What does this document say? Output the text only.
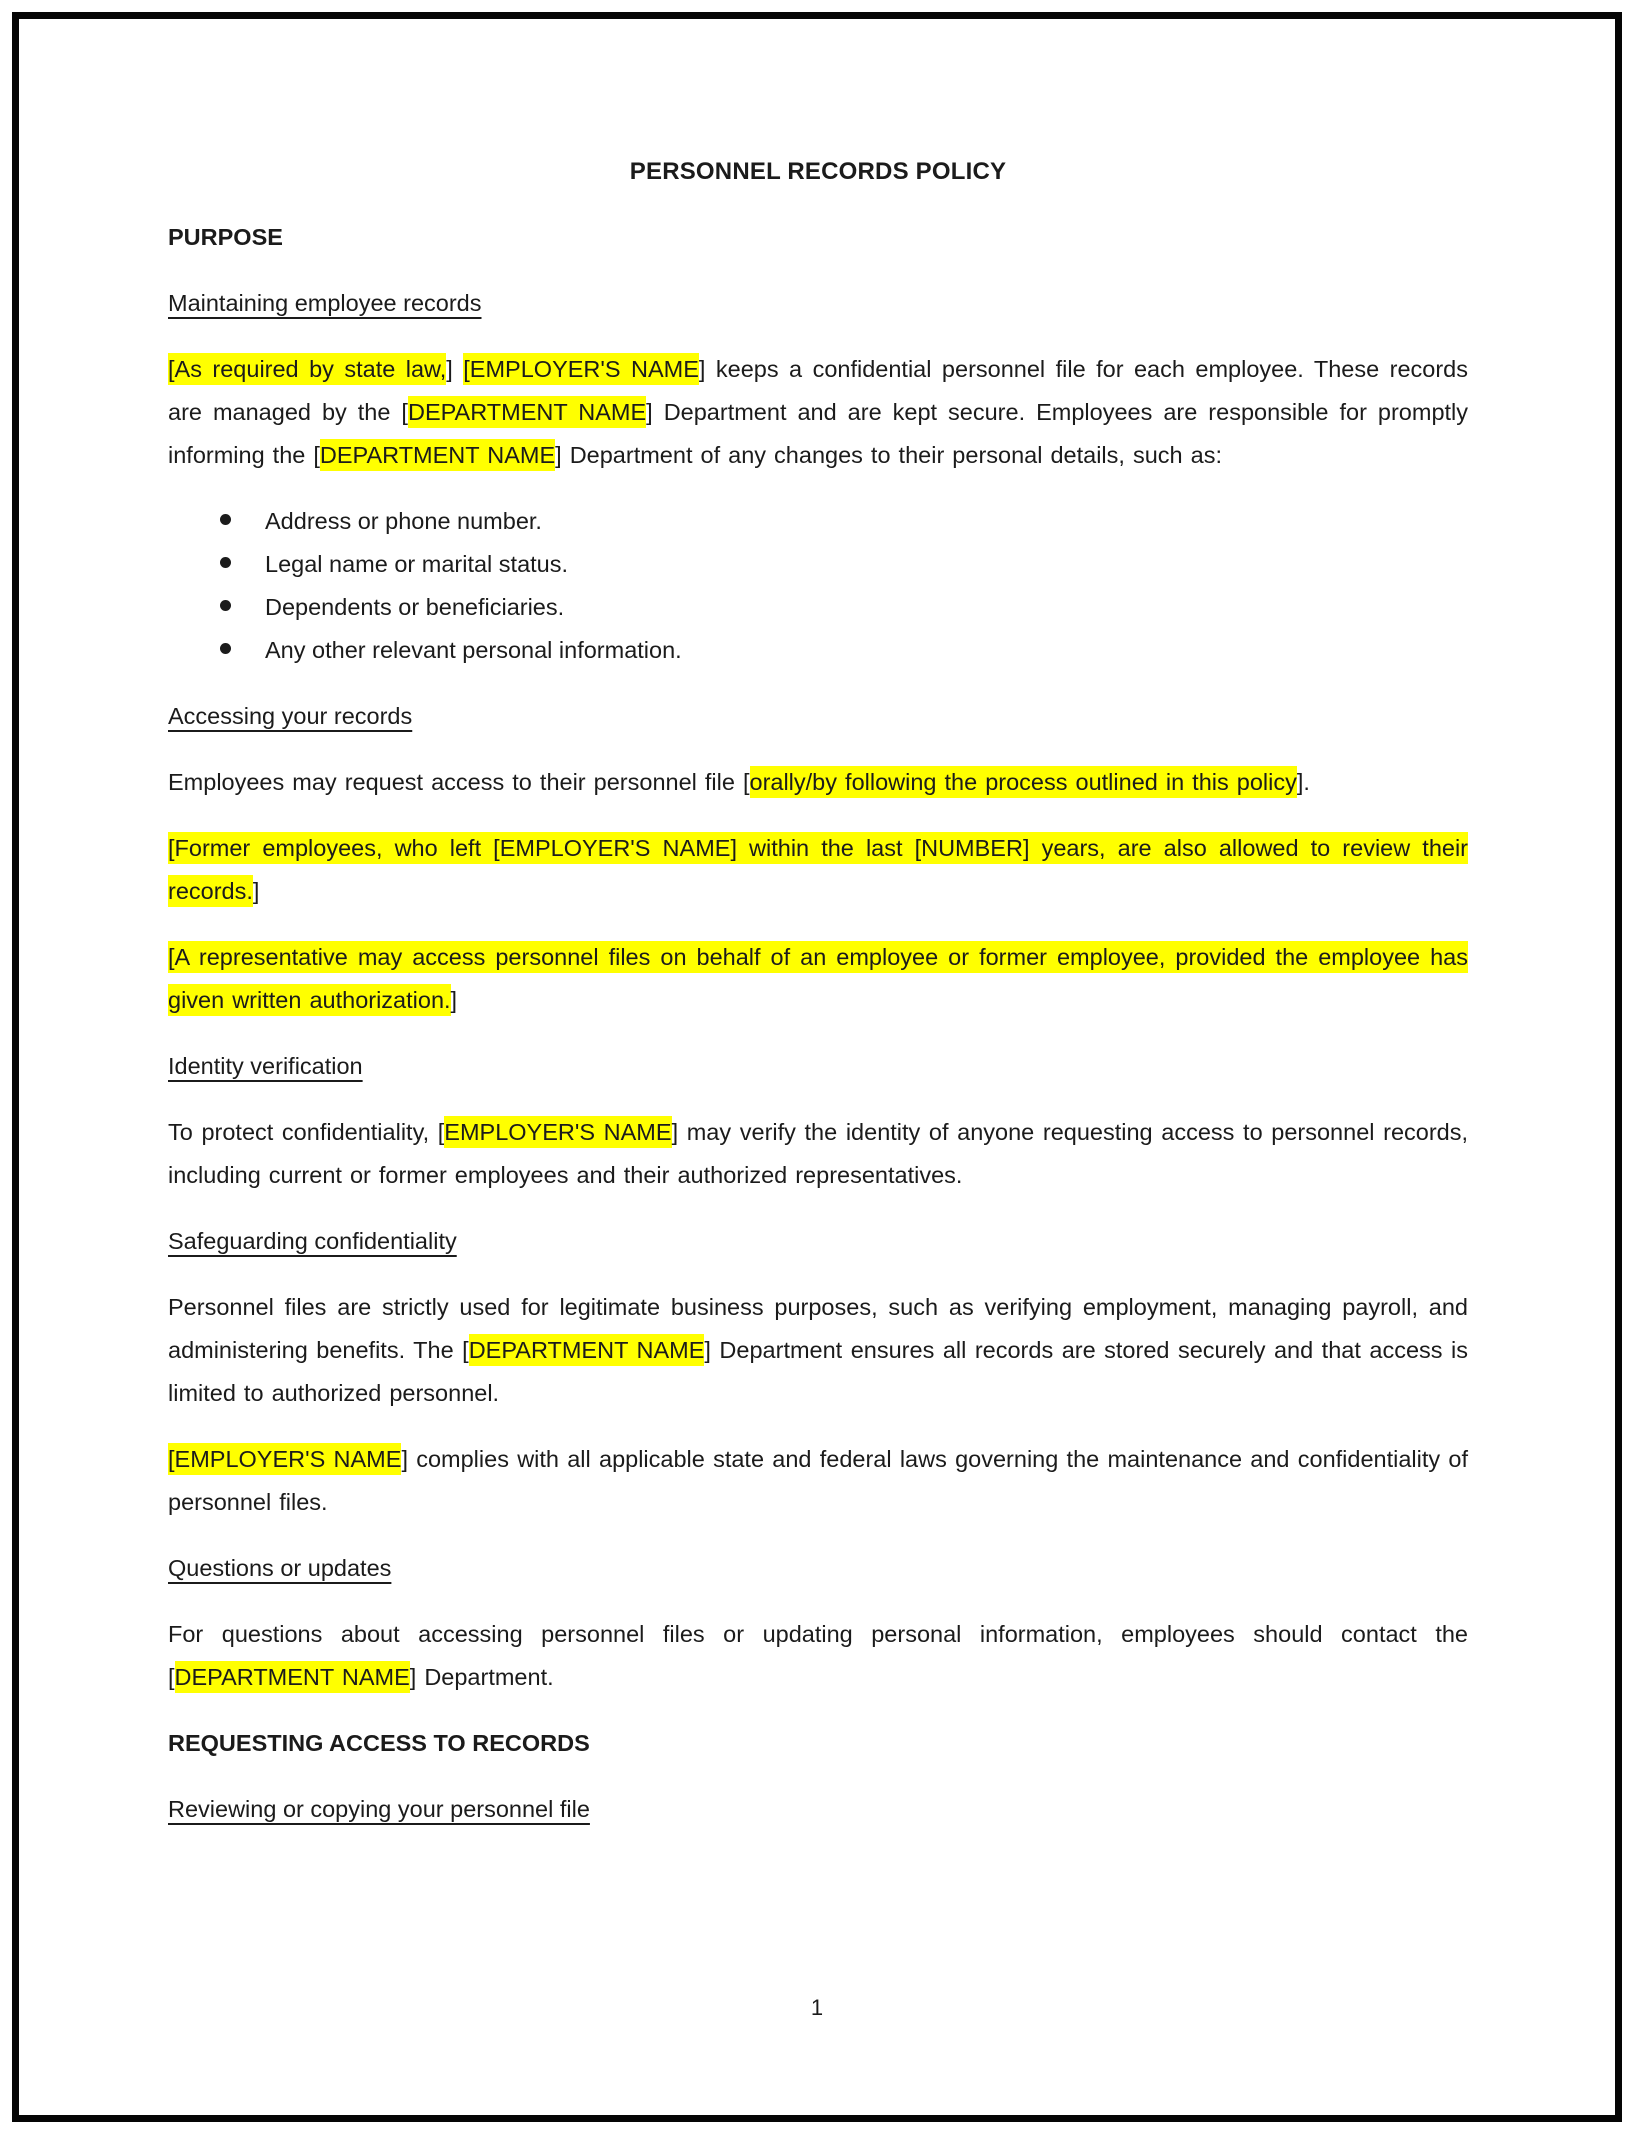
PERSONNEL RECORDS POLICY
PURPOSE
Maintaining employee records

[As required by state law,] [EMPLOYER'S NAME] keeps a confidential personnel file for each employee. These records are managed by the [DEPARTMENT NAME] Department and are kept secure. Employees are responsible for promptly informing the [DEPARTMENT NAME] Department of any changes to their personal details, such as:

Address or phone number.
Legal name or marital status.
Dependents or beneficiaries.
Any other relevant personal information.
Accessing your records

Employees may request access to their personnel file [orally/by following the process outlined in this policy].

[Former employees, who left [EMPLOYER'S NAME] within the last [NUMBER] years, are also allowed to review their records.]

[A representative may access personnel files on behalf of an employee or former employee, provided the employee has given written authorization.]

Identity verification

To protect confidentiality, [EMPLOYER'S NAME] may verify the identity of anyone requesting access to personnel records, including current or former employees and their authorized representatives.

Safeguarding confidentiality

Personnel files are strictly used for legitimate business purposes, such as verifying employment, managing payroll, and administering benefits. The [DEPARTMENT NAME] Department ensures all records are stored securely and that access is limited to authorized personnel.

[EMPLOYER'S NAME] complies with all applicable state and federal laws governing the maintenance and confidentiality of personnel files.

Questions or updates

For questions about accessing personnel files or updating personal information, employees should contact the [DEPARTMENT NAME] Department.

REQUESTING ACCESS TO RECORDS
Reviewing or copying your personnel file
1
